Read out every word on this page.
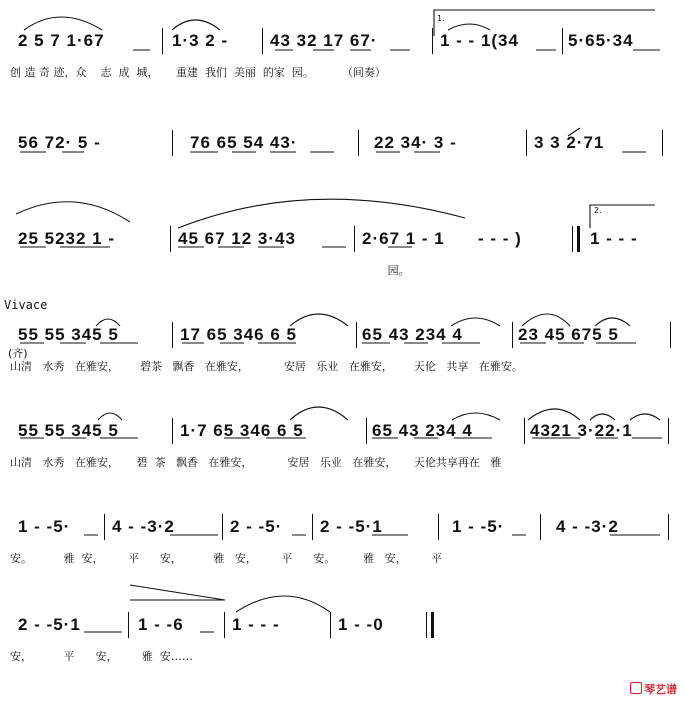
Vivace
(齐)
1.
2.
2 5 7 1·67	1·3 2 - 43 32 17 67·	1 - - 1(34	5·65·34
创 造 奇 迹，众    志  成  城，     重建  我们  美丽  的家  园。        （间奏）
56 72· 5 -	76 65 54 43·	22 34· 3 -	3 3 2·71
25 5232 1 -	45 67 12 3·43	2·67 1 - 1 - - - )	1 - - -
园。
55 55 345 5	17 65 346 6 5	65 43 234 4	23 45 675 5
山清   水秀   在雅安，      碧茶   飘香   在雅安，          安居   乐业   在雅安，      天伦   共享   在雅安。
55 55 345 5	1·7 65 346 6 5	65 43 234 4	4321 3·22·1
山清   水秀   在雅安，     碧  茶   飘香   在雅安，          安居   乐业   在雅安，     天伦共享再在   雅
1 - -5· 4 - -3·2	2 - -5· 2 - -5·1	1 - -5·	4 - -3·2
安。         雅  安，       平      安，         雅   安，       平      安。        雅   安，       平
2 - -5·1	1 - -6	1 - - -	1 - -0
安，         平      安，       雅  安……
琴艺谱
